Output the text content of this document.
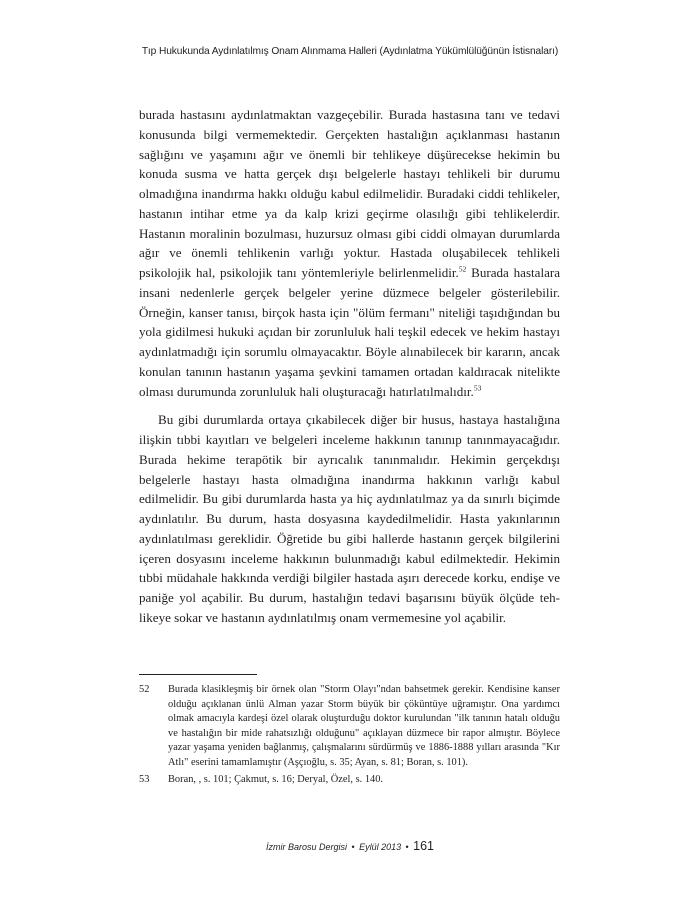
Tıp Hukukunda Aydınlatılmış Onam Alınmama Halleri (Aydınlatma Yükümlülüğünün İstisnaları)

burada hastasını aydınlatmaktan vazgeçebilir. Burada hastasına tanı ve tedavi konusunda bilgi vermemektedir. Gerçekten hastalığın açıklanması hastanın sağlığını ve yaşamını ağır ve önemli bir tehlikeye düşürecekse hekimin bu konuda susma ve hatta gerçek dışı belgelerle hastayı tehlikeli bir durumu olmadığına inandırma hakkı olduğu kabul edilmelidir. Buradaki ciddi tehlikeler, hastanın intihar etme ya da kalp krizi geçirme olasılığı gibi tehlikelerdir. Hastanın moralinin bozulması, huzursuz olması gibi ciddi olmayan durumlarda ağır ve önemli tehlikenin varlığı yoktur. Hastada oluşabilecek tehlikeli psikolojik hal, psikolojik tanı yöntemleriyle belirlenmelidir.$^{52}$ Burada hastalara insani nedenlerle gerçek belgeler yerine düzmece belgeler gösterilebilir. Örneğin, kanser tanısı, birçok hasta için "ölüm fermanı" niteliği taşıdığından bu yola gidilmesi hukuki açıdan bir zorunluluk hali teşkil edecek ve hekim hastayı aydınlatmadığı için sorumlu olmayacaktır. Böyle alınabilecek bir kararın, ancak konulan tanının hastanın yaşama şevkini tamamen ortadan kaldıracak nitelikte olması durumunda zorunluluk hali oluşturacağı hatırlatılmalıdır.$^{53}$

Bu gibi durumlarda ortaya çıkabilecek diğer bir husus, hastaya hastalığına ilişkin tıbbi kayıtları ve belgeleri inceleme hakkının tanınıp tanınmayacağıdır. Burada hekime terapötik bir ayrıcalık tanınmalıdır. Hekimin gerçekdışı belgelerle hastayı hasta olmadığına inandırma hakkının varlığı kabul edilmelidir. Bu gibi durumlarda hasta ya hiç aydınlatılmaz ya da sınırlı biçimde aydınlatılır. Bu durum, hasta dosyasına kaydedilmelidir. Hasta yakınlarının aydınlatılması gereklidir. Öğretide bu gibi hallerde hastanın gerçek bilgilerini içeren dosyasını inceleme hakkının bulunmadığı kabul edilmektedir. Hekimin tıbbi müdahale hakkında verdiği bilgiler hastada aşırı derecede korku, endişe ve paniğe yol açabilir. Bu durum, hastalığın tedavi başarısını büyük ölçüde tehlikeye sokar ve hastanın aydınlatılmış onam vermemesine yol açabilir.

52	Burada klasikleşmiş bir örnek olan "Storm Olayı"ndan bahsetmek gerekir. Kendisine kanser olduğu açıklanan ünlü Alman yazar Storm büyük bir çöküntüye uğramıştır. Ona yardımcı olmak amacıyla kardeşi özel olarak oluşturduğu doktor kurulundan "ilk tanının hatalı olduğu ve hastalığın bir mide rahatsızlığı olduğunu" açıklayan düzmece bir rapor almıştır. Böylece yazar yaşama yeniden bağlanmış, çalışmalarını sürdürmüş ve 1886-1888 yılları arasında "Kır Atlı" eserini tamamlamıştır (Aşçıoğlu, s. 35; Ayan, s. 81; Boran, s. 101).
53	Boran, , s. 101; Çakmut, s. 16; Deryal, Özel, s. 140.
İzmir Barosu Dergisi • Eylül 2013 • 161
